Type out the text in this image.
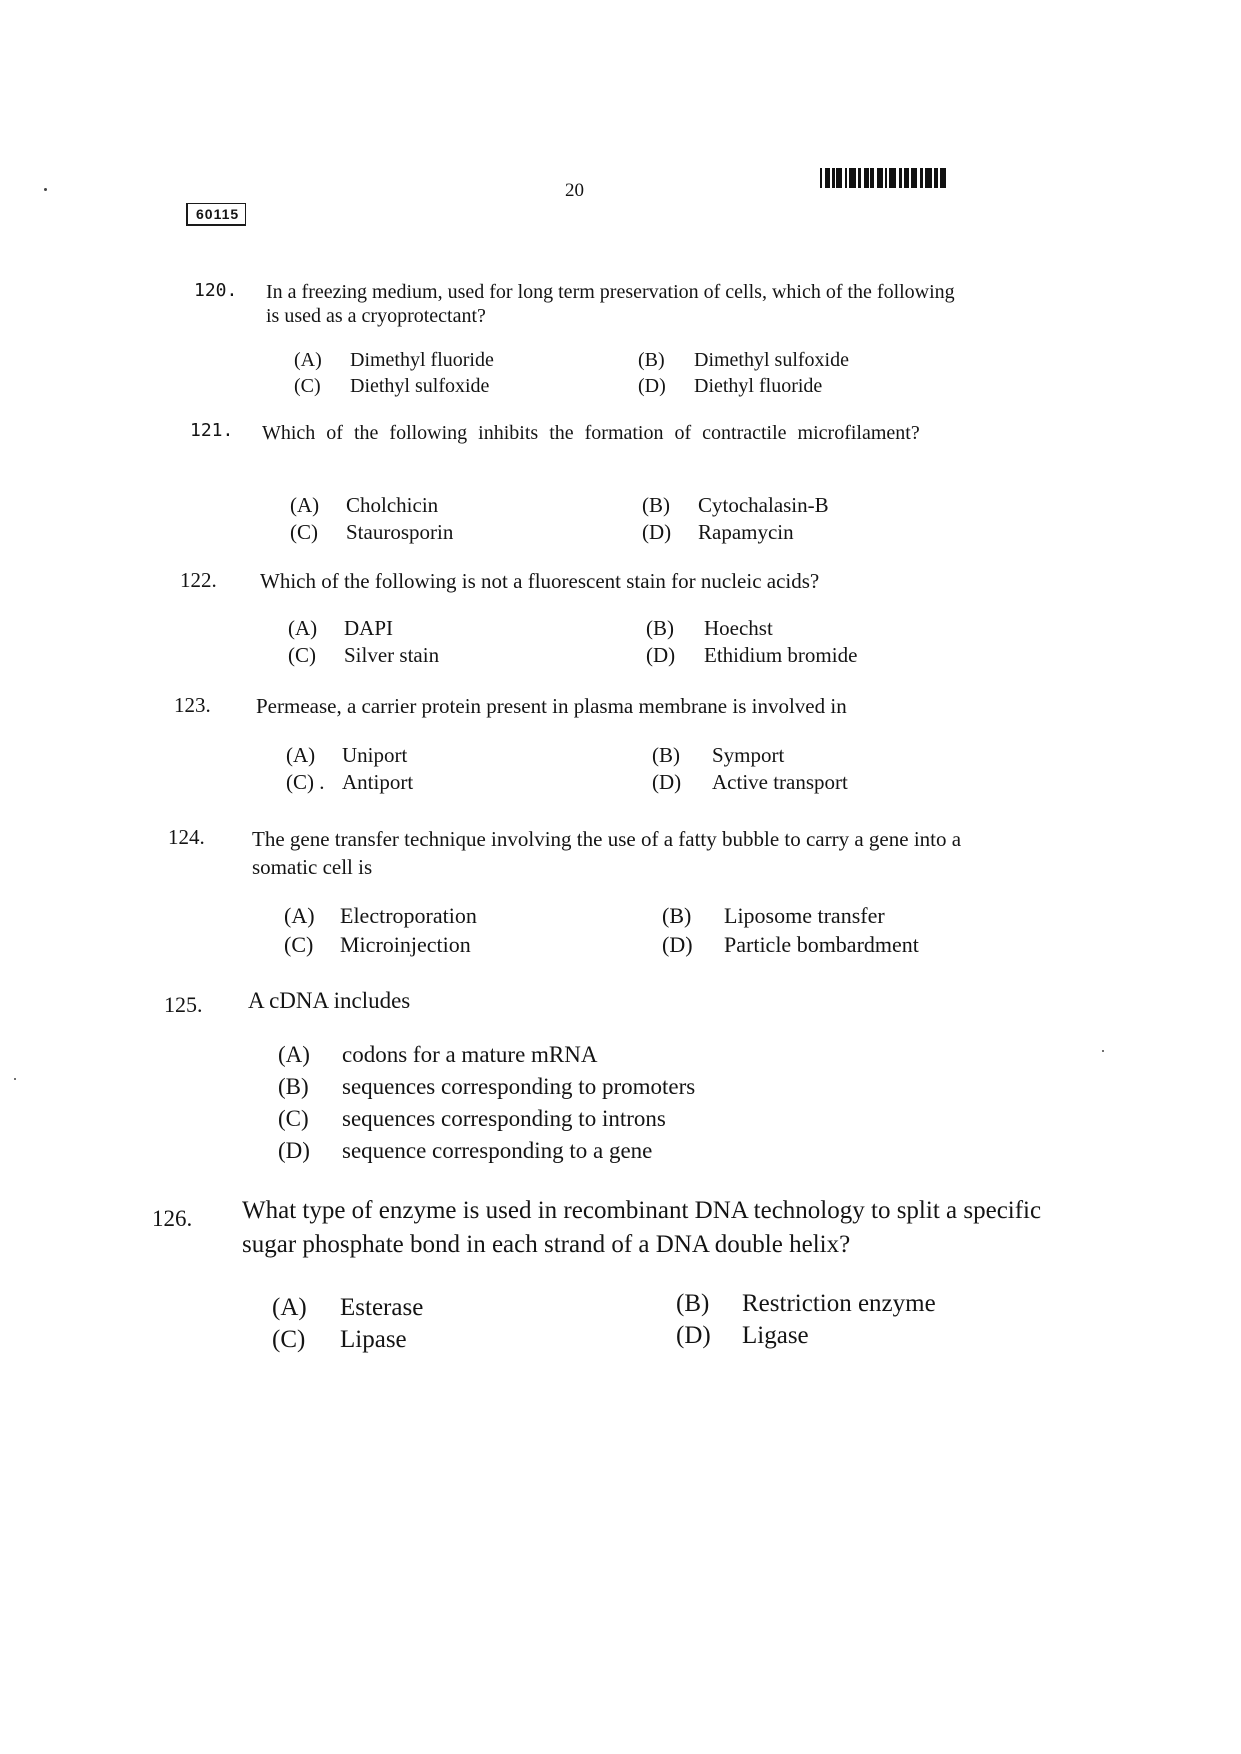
20
60115
120. In a freezing medium, used for long term preservation of cells, which of the following is used as a cryoprotectant?
(A) Dimethyl fluoride	(B) Dimethyl sulfoxide
(C) Diethyl sulfoxide	(D) Diethyl fluoride
121. Which of the following inhibits the formation of contractile microfilament?
(A) Cholchicin	(B) Cytochalasin-B
(C) Staurosporin	(D) Rapamycin
122. Which of the following is not a fluorescent stain for nucleic acids?
(A) DAPI	(B) Hoechst
(C) Silver stain	(D) Ethidium bromide
123. Permease, a carrier protein present in plasma membrane is involved in
(A) Uniport	(B) Symport
(C) . Antiport	(D) Active transport
124. The gene transfer technique involving the use of a fatty bubble to carry a gene into a somatic cell is
(A) Electroporation	(B) Liposome transfer
(C) Microinjection	(D) Particle bombardment
125. A cDNA includes
(A) codons for a mature mRNA
(B) sequences corresponding to promoters
(C) sequences corresponding to introns
(D) sequence corresponding to a gene
126. What type of enzyme is used in recombinant DNA technology to split a specific sugar phosphate bond in each strand of a DNA double helix?
(A) Esterase	(B) Restriction enzyme
(C) Lipase	(D) Ligase
